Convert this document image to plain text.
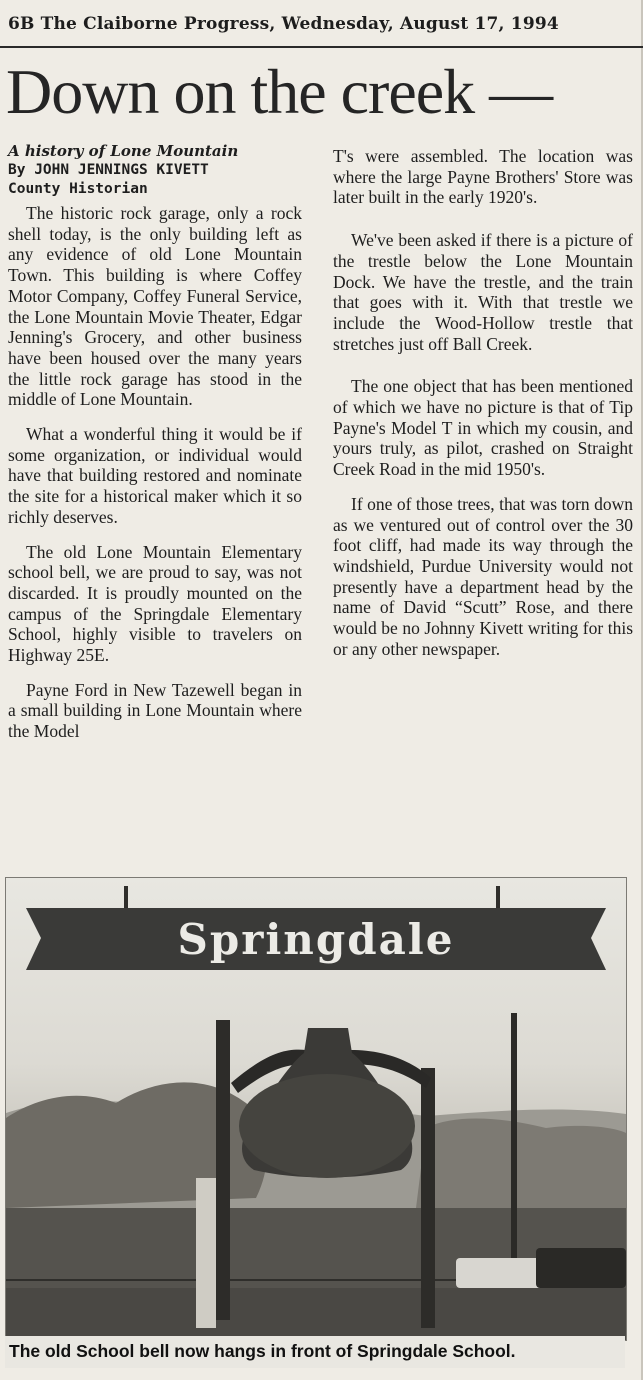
6B The Claiborne Progress, Wednesday, August 17, 1994
Down on the creek —
A history of Lone Mountain
By JOHN JENNINGS KIVETT
County Historian

The historic rock garage, only a rock shell today, is the only building left as any evidence of old Lone Mountain Town. This building is where Coffey Motor Company, Coffey Funeral Service, the Lone Mountain Movie Theater, Edgar Jenning's Grocery, and other business have been housed over the many years the little rock garage has stood in the middle of Lone Mountain.

What a wonderful thing it would be if some organization, or individual would have that building restored and nominate the site for a historical maker which it so richly deserves.

The old Lone Mountain Elementary school bell, we are proud to say, was not discarded. It is proudly mounted on the campus of the Springdale Elementary School, highly visible to travelers on Highway 25E.

Payne Ford in New Tazewell began in a small building in Lone Mountain where the Model

T's were assembled. The location was where the large Payne Brothers' Store was later built in the early 1920's.

We've been asked if there is a picture of the trestle below the Lone Mountain Dock. We have the trestle, and the train that goes with it. With that trestle we include the Wood-Hollow trestle that stretches just off Ball Creek.

The one object that has been mentioned of which we have no picture is that of Tip Payne's Model T in which my cousin, and yours truly, as pilot, crashed on Straight Creek Road in the mid 1950's.

If one of those trees, that was torn down as we ventured out of control over the 30 foot cliff, had made its way through the windshield, Purdue University would not presently have a department head by the name of David “Scutt” Rose, and there would be no Johnny Kivett writing for this or any other newspaper.

Springdale
The old School bell now hangs in front of Springdale School.
